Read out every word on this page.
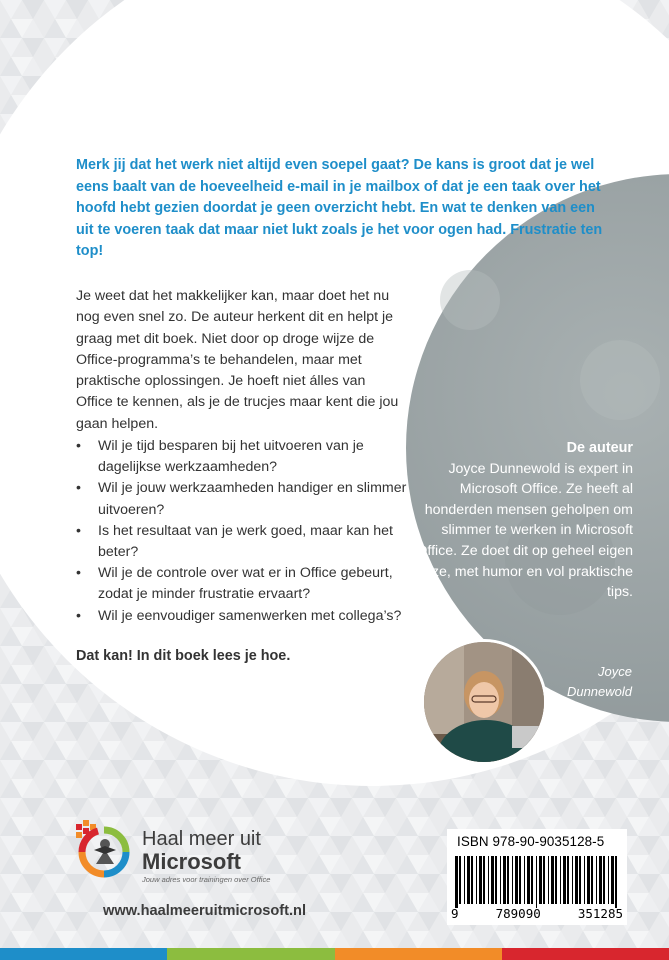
Merk jij dat het werk niet altijd even soepel gaat? De kans is groot dat je wel eens baalt van de hoeveelheid e-mail in je mailbox of dat je een taak over het hoofd hebt gezien doordat je geen overzicht hebt. En wat te denken van een uit te voeren taak dat maar niet lukt zoals je het voor ogen had. Frustratie ten top!

Je weet dat het makkelijker kan, maar doet het nu nog even snel zo. De auteur herkent dit en helpt je graag met dit boek. Niet door op droge wijze de Office-programma’s te behandelen, maar met praktische oplossingen. Je hoeft niet álles van Office te kennen, als je de trucjes maar kent die jou gaan helpen.

• Wil je tijd besparen bij het uitvoeren van je dagelijkse werkzaamheden?
• Wil je jouw werkzaamheden handiger en slimmer uitvoeren?
• Is het resultaat van je werk goed, maar kan het beter?
• Wil je de controle over wat er in Office gebeurt, zodat je minder frustratie ervaart?
• Wil je eenvoudiger samenwerken met collega’s?

Dat kan! In dit boek lees je hoe.

De auteur

Joyce Dunnewold is expert in Microsoft Office. Ze heeft al honderden mensen geholpen om slimmer te werken in Microsoft Office. Ze doet dit op geheel eigen wijze, met humor en vol praktische tips.

Joyce
Dunnewold
Haal meer uit
Microsoft
Jouw adres voor trainingen over Office
www.haalmeeruitmicrosoft.nl
ISBN 978-90-9035128-5
9	789090	351285
